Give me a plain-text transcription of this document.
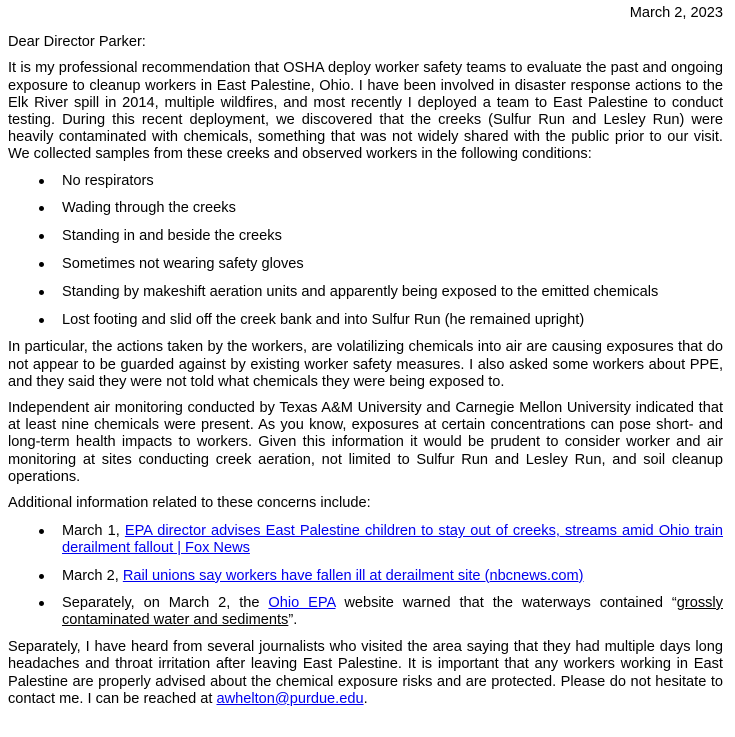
March 2, 2023
Dear Director Parker:

It is my professional recommendation that OSHA deploy worker safety teams to evaluate the past and ongoing exposure to cleanup workers in East Palestine, Ohio. I have been involved in disaster response actions to the Elk River spill in 2014, multiple wildfires, and most recently I deployed a team to East Palestine to conduct testing. During this recent deployment, we discovered that the creeks (Sulfur Run and Lesley Run) were heavily contaminated with chemicals, something that was not widely shared with the public prior to our visit. We collected samples from these creeks and observed workers in the following conditions:

No respirators
Wading through the creeks
Standing in and beside the creeks
Sometimes not wearing safety gloves
Standing by makeshift aeration units and apparently being exposed to the emitted chemicals
Lost footing and slid off the creek bank and into Sulfur Run (he remained upright)

In particular, the actions taken by the workers, are volatilizing chemicals into air are causing exposures that do not appear to be guarded against by existing worker safety measures. I also asked some workers about PPE, and they said they were not told what chemicals they were being exposed to.

Independent air monitoring conducted by Texas A&M University and Carnegie Mellon University indicated that at least nine chemicals were present. As you know, exposures at certain concentrations can pose short- and long-term health impacts to workers. Given this information it would be prudent to consider worker and air monitoring at sites conducting creek aeration, not limited to Sulfur Run and Lesley Run, and soil cleanup operations.

Additional information related to these concerns include:

March 1, EPA director advises East Palestine children to stay out of creeks, streams amid Ohio train derailment fallout | Fox News
March 2, Rail unions say workers have fallen ill at derailment site (nbcnews.com)
Separately, on March 2, the Ohio EPA website warned that the waterways contained “grossly contaminated water and sediments”.

Separately, I have heard from several journalists who visited the area saying that they had multiple days long headaches and throat irritation after leaving East Palestine. It is important that any workers working in East Palestine are properly advised about the chemical exposure risks and are protected. Please do not hesitate to contact me. I can be reached at awhelton@purdue.edu.
